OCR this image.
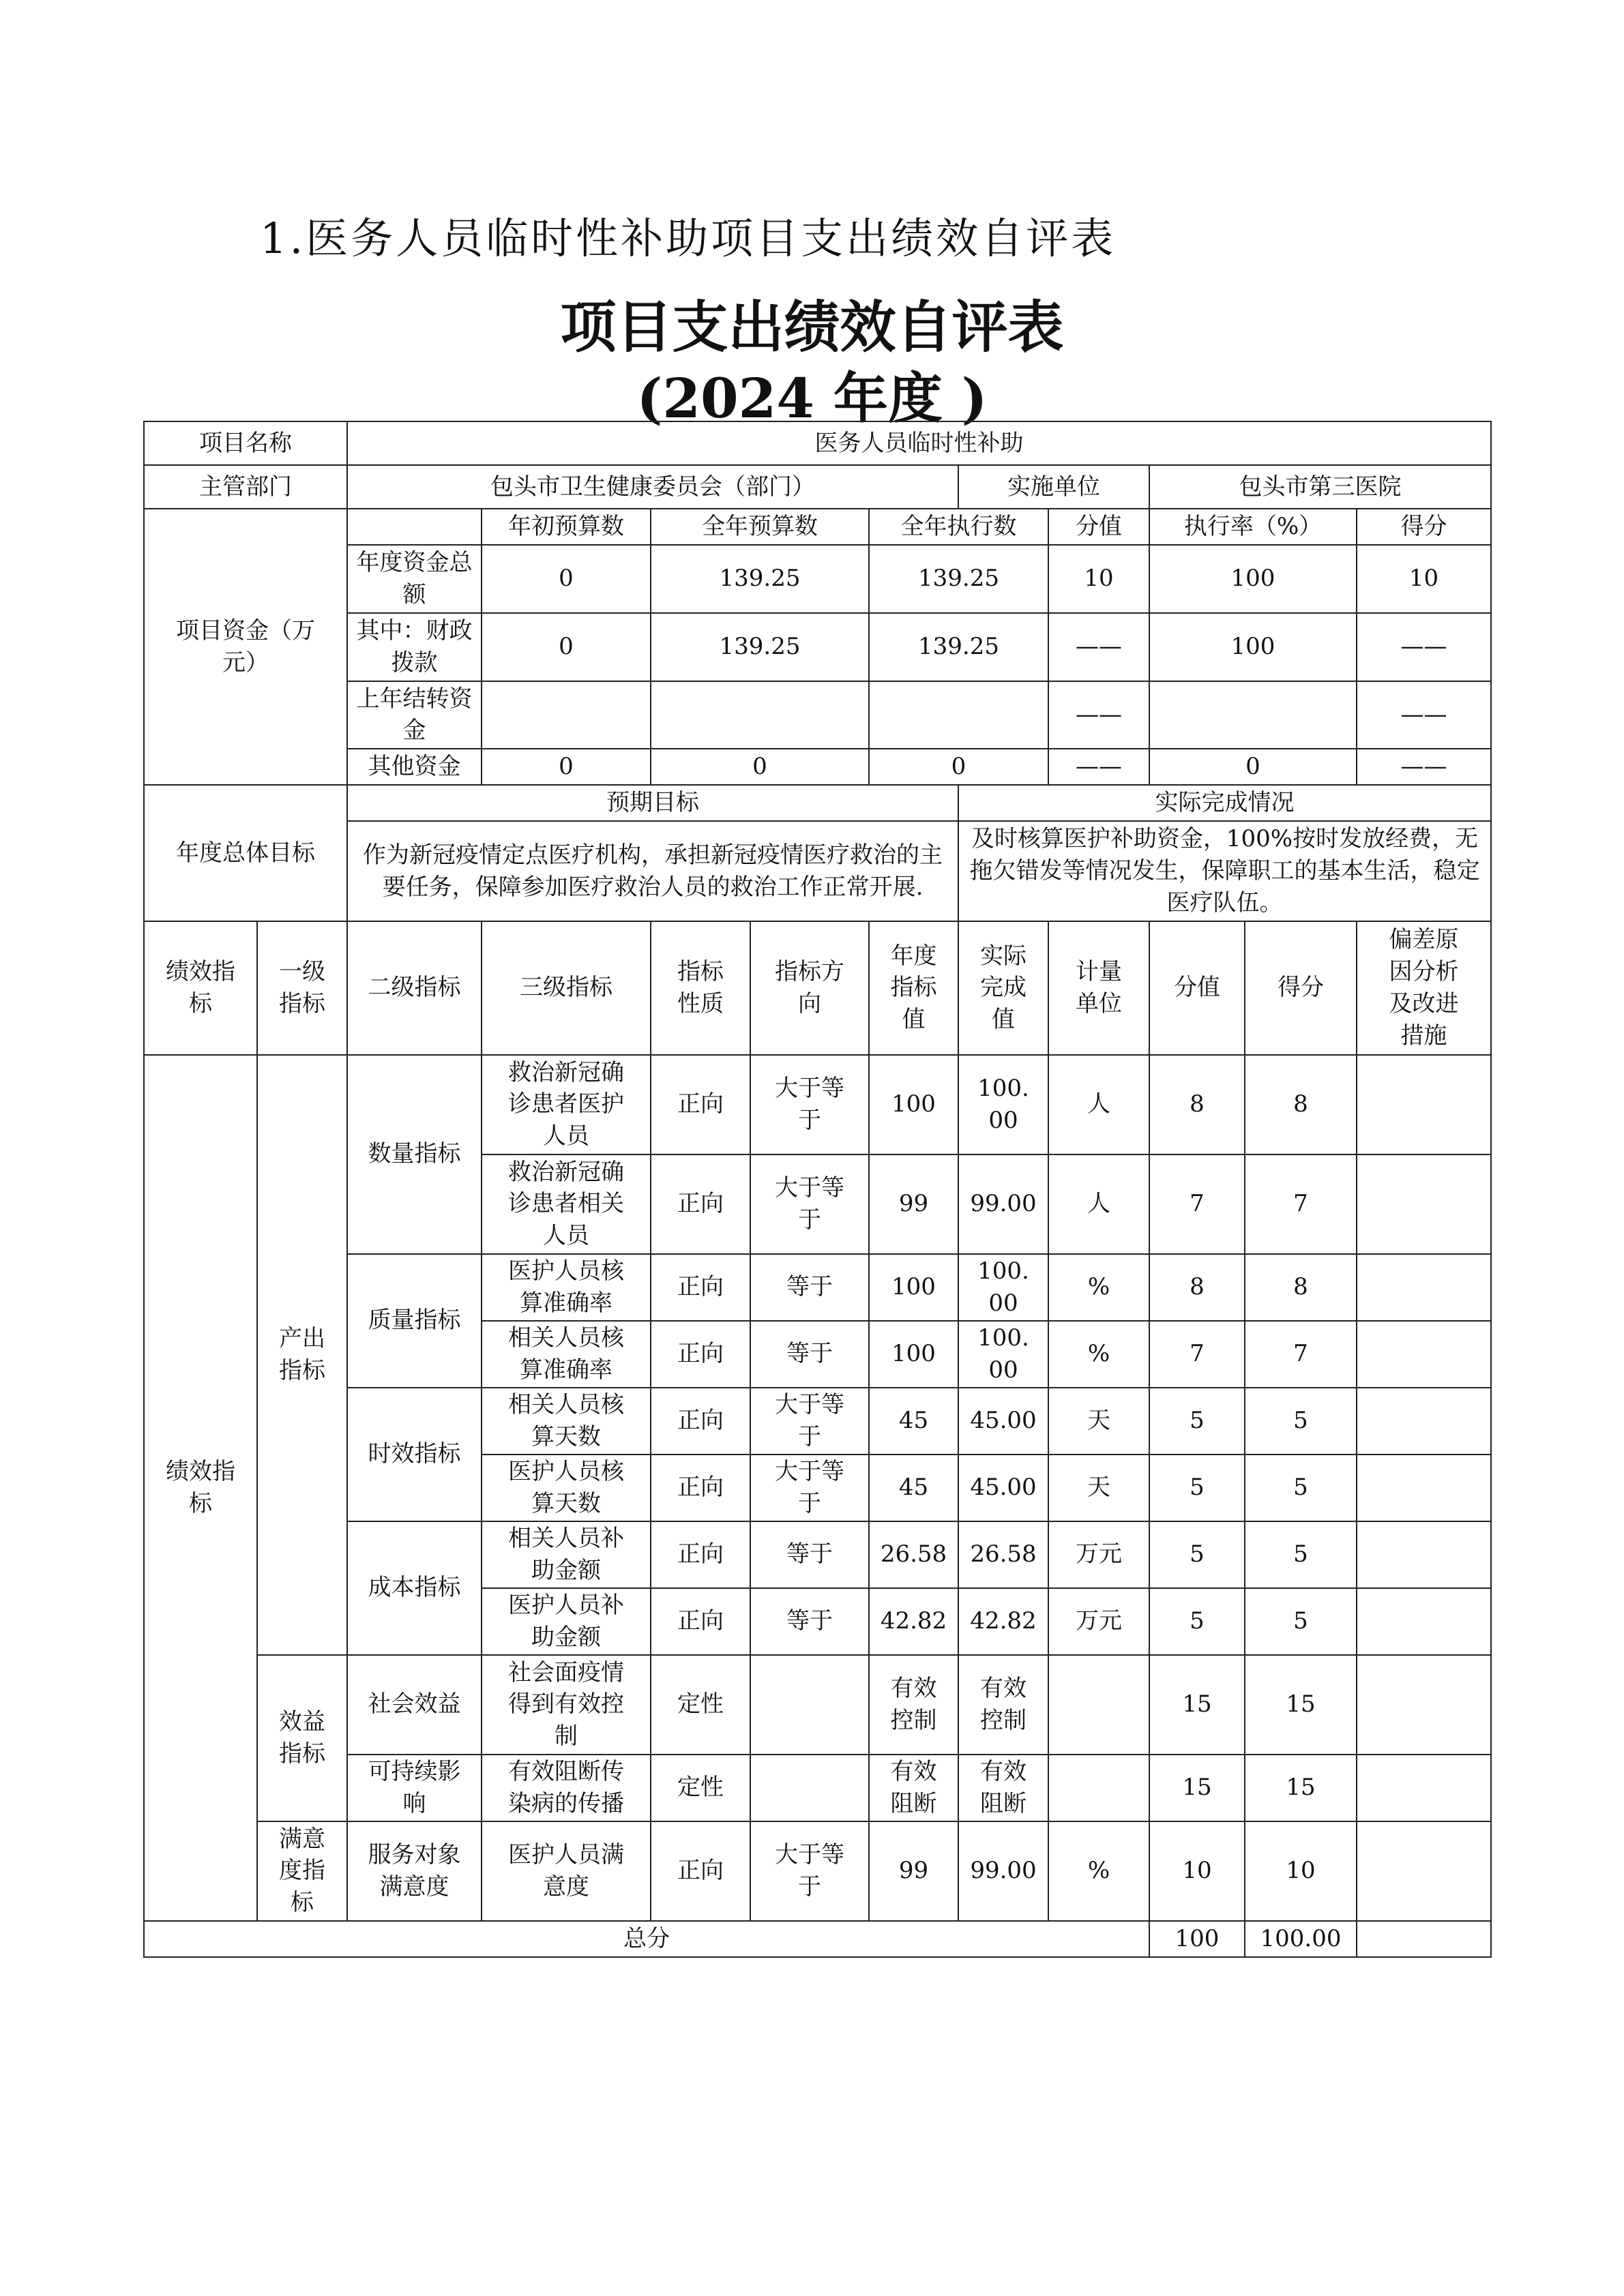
1.医务人员临时性补助项目支出绩效自评表
项目支出绩效自评表
(2024 年度 )
项目名称		医务人员临时性补助									
主管部门		包头市卫生健康委员会（部门）					实施单位		包头市第三医院		
项目资金（万元）			年初预算数	全年预算数		全年执行数		分值	执行率（%）		得分
		年度资金总额	0	139.25		139.25		10	100		10
		其中：财政拨款	0	139.25		139.25		——	100		——
		上年结转资金						——			——
		其他资金	0	0		0		——	0		——
年度总体目标		预期目标					实际完成情况				
		作为新冠疫情定点医疗机构，承担新冠疫情医疗救治的主要任务，保障参加医疗救治人员的救治工作正常开展.					及时核算医护补助资金，100%按时发放经费，无拖欠错发等情况发生，保障职工的基本生活，稳定医疗队伍。				
绩效指标	一级指标	二级指标	三级指标	指标性质	指标方向	年度指标值	实际完成值	计量单位	分值	得分	偏差原因分析及改进措施
绩效指标	产出指标	数量指标	救治新冠确诊患者医护人员	正向	大于等于	100	100.00	人	8	8	
			救治新冠确诊患者相关人员	正向	大于等于	99	99.00	人	7	7	
		质量指标	医护人员核算准确率	正向	等于	100	100.00	%	8	8	
			相关人员核算准确率	正向	等于	100	100.00	%	7	7	
		时效指标	相关人员核算天数	正向	大于等于	45	45.00	天	5	5	
			医护人员核算天数	正向	大于等于	45	45.00	天	5	5	
		成本指标	相关人员补助金额	正向	等于	26.58	26.58	万元	5	5	
			医护人员补助金额	正向	等于	42.82	42.82	万元	5	5	
	效益指标	社会效益	社会面疫情得到有效控制	定性		有效控制	有效控制		15	15	
		可持续影响	有效阻断传染病的传播	定性		有效阻断	有效阻断		15	15	
	满意度指标	服务对象满意度	医护人员满意度	正向	大于等于	99	99.00	%	10	10	
总分									100	100.00	
